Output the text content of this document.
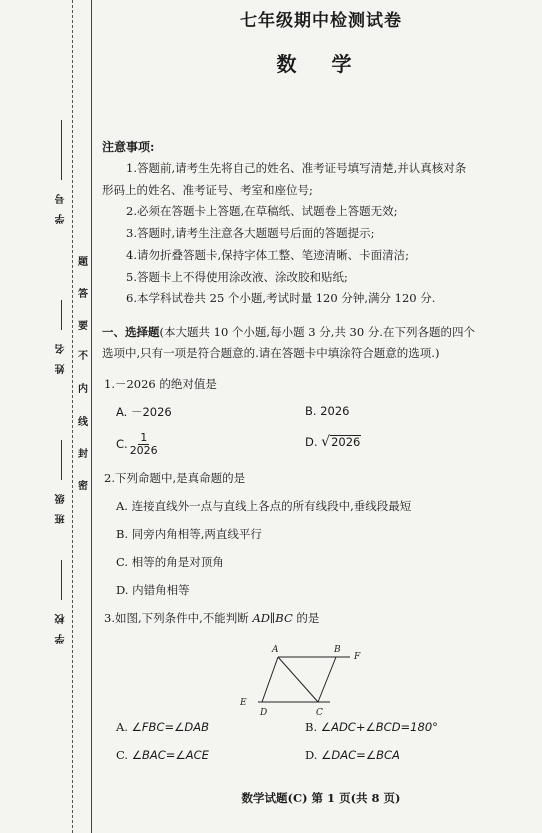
学号
姓名
班级
学校
题
答
要
不
内
线
封
密
七年级期中检测试卷
数 学
注意事项:
1.答题前,请考生先将自己的姓名、准考证号填写清楚,并认真核对条
形码上的姓名、准考证号、考室和座位号;
2.必须在答题卡上答题,在草稿纸、试题卷上答题无效;
3.答题时,请考生注意各大题题号后面的答题提示;
4.请勿折叠答题卡,保持字体工整、笔迹清晰、卡面清洁;
5.答题卡上不得使用涂改液、涂改胶和贴纸;
6.本学科试卷共 25 个小题,考试时量 120 分钟,满分 120 分.
一、选择题(本大题共 10 个小题,每小题 3 分,共 30 分.在下列各题的四个
选项中,只有一项是符合题意的.请在答题卡中填涂符合题意的选项.)
1.－2026 的绝对值是
A. －2026	B. 2026
C. $\frac{1}{2026}$	D. √ 2026
2.下列命题中,是真命题的是
A. 连接直线外一点与直线上各点的所有线段中,垂线段最短
B. 同旁内角相等,两直线平行
C. 相等的角是对顶角
D. 内错角相等
3.如图,下列条件中,不能判断 AD∥BC 的是
A	B
F
E
D	C
A. ∠FBC=∠DAB	B. ∠ADC+∠BCD=180°
C. ∠BAC=∠ACE	D. ∠DAC=∠BCA
数学试题(C) 第 1 页(共 8 页)
